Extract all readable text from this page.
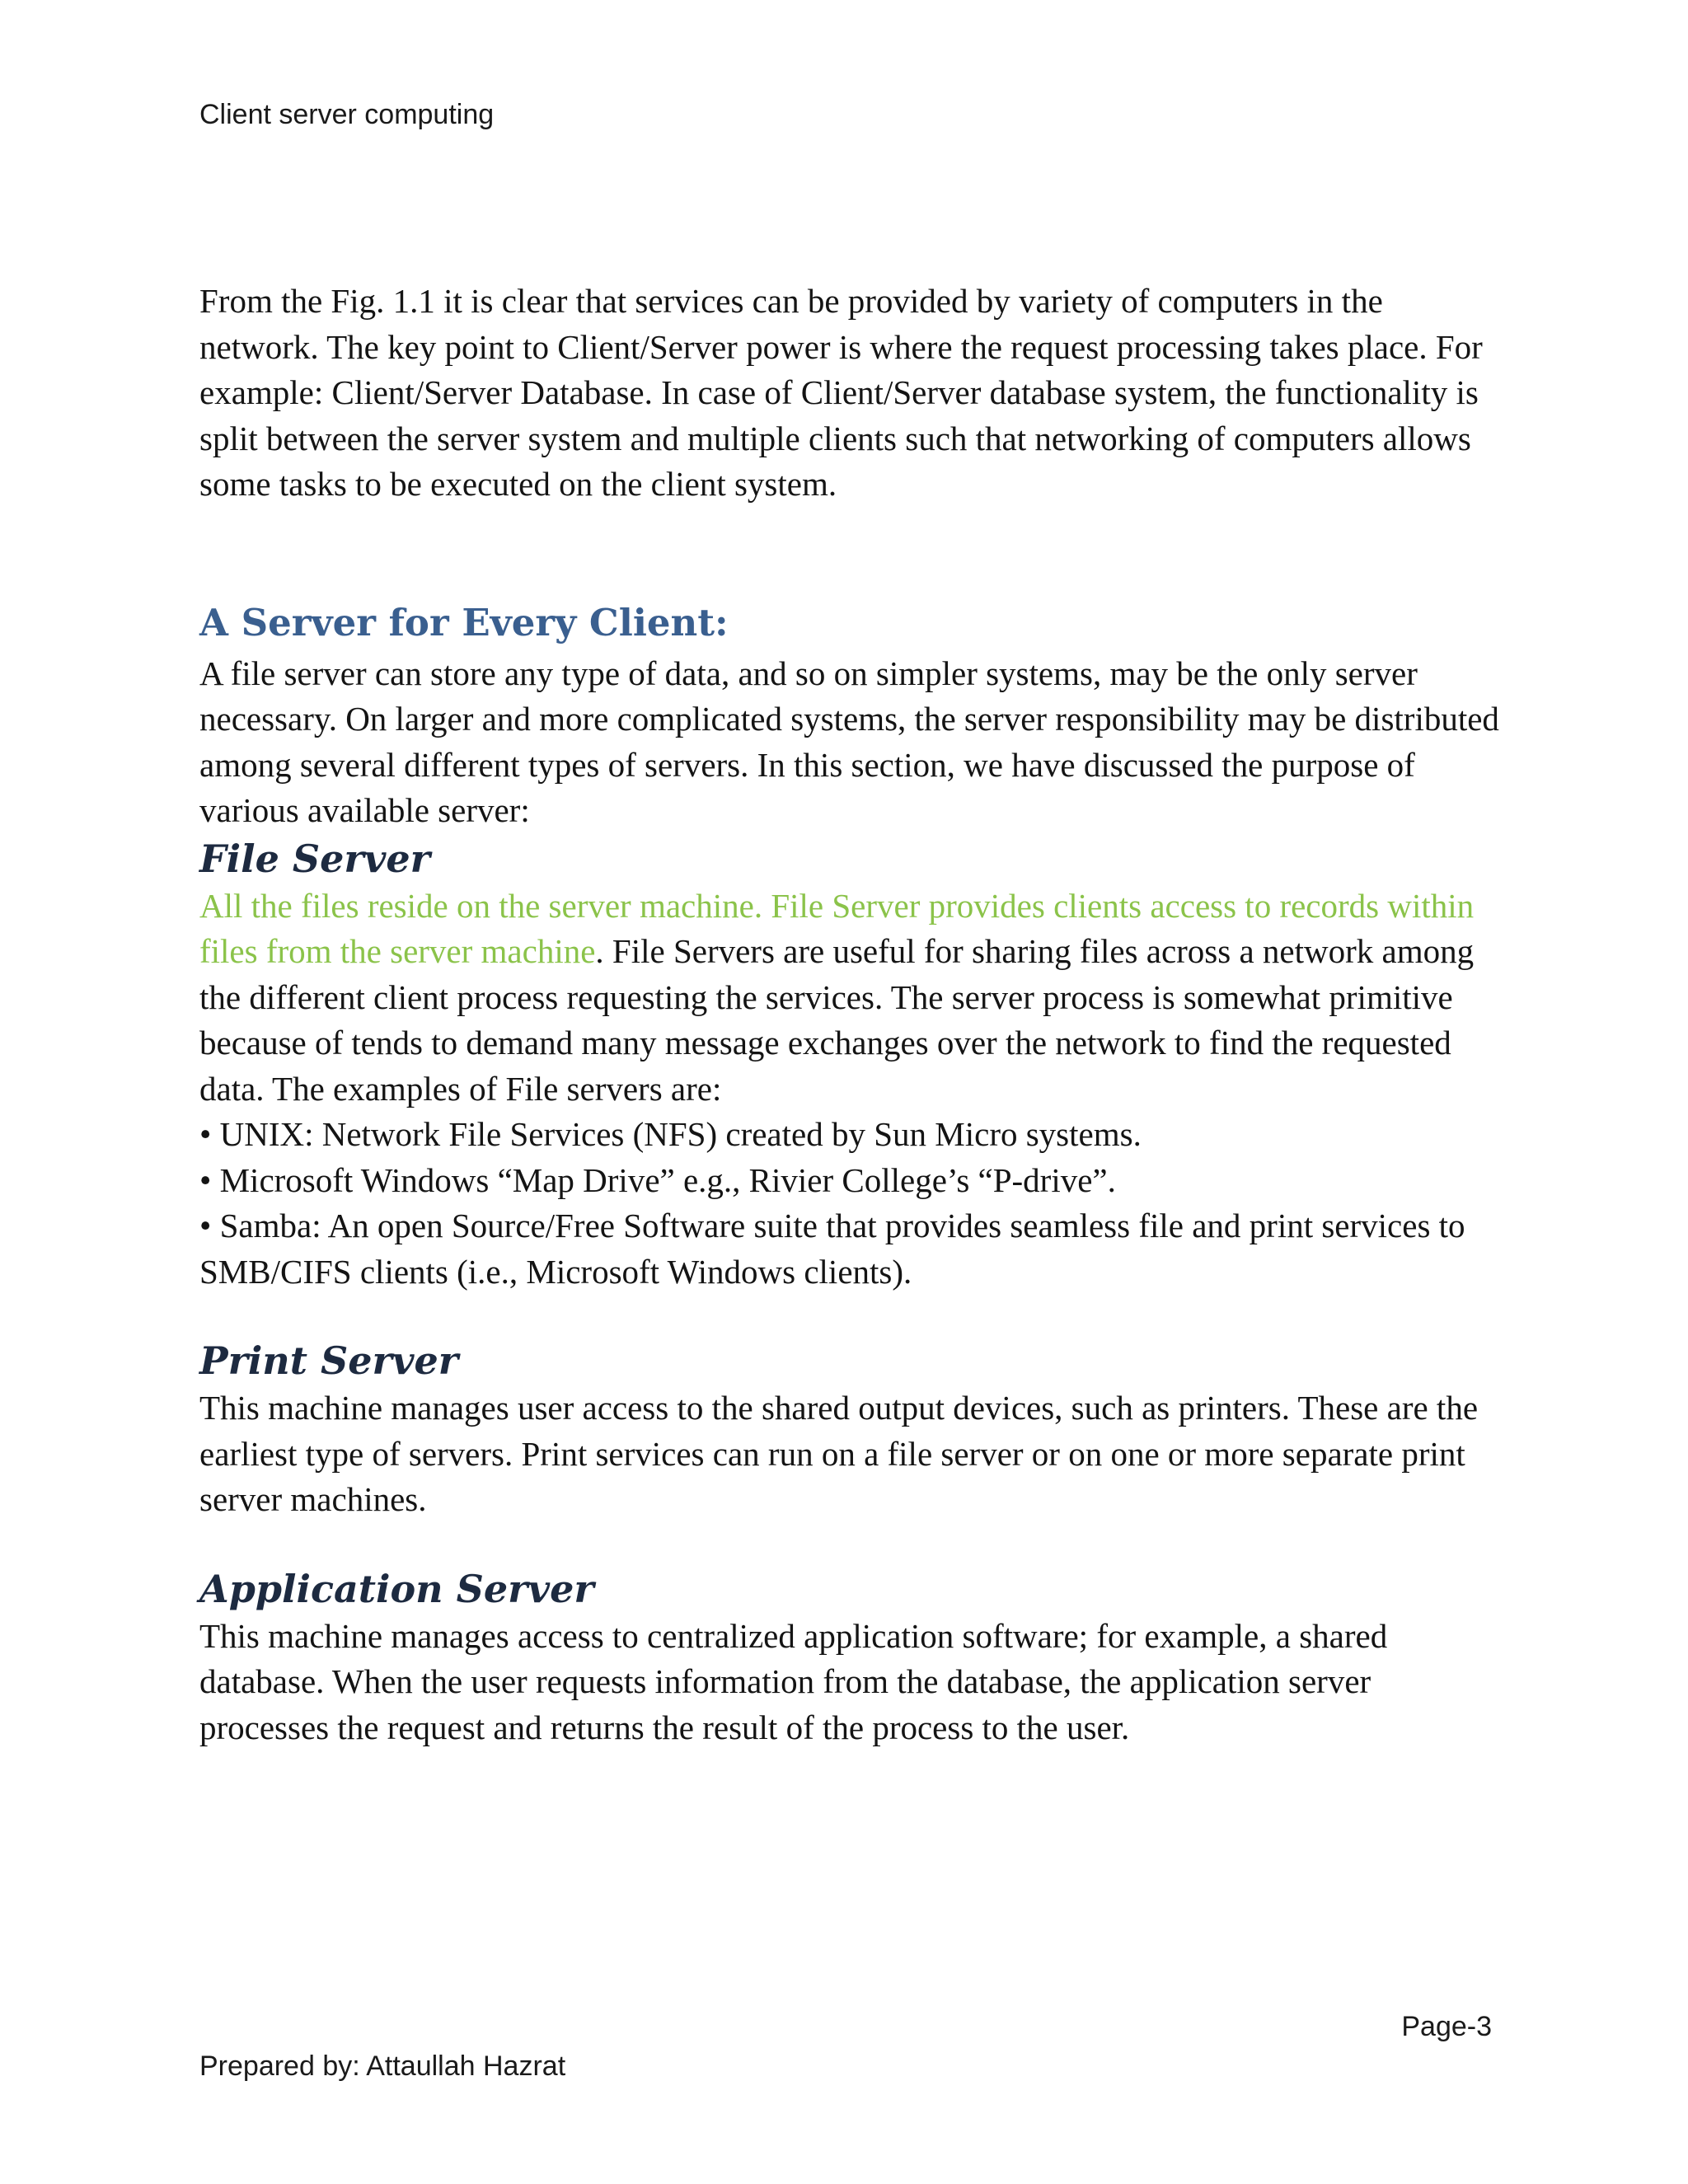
Client server computing

From the Fig. 1.1 it is clear that services can be provided by variety of computers in the network. The key point to Client/Server power is where the request processing takes place. For example: Client/Server Database. In case of Client/Server database system, the functionality is split between the server system and multiple clients such that networking of computers allows some tasks to be executed on the client system.

A Server for Every Client:

A file server can store any type of data, and so on simpler systems, may be the only server necessary. On larger and more complicated systems, the server responsibility may be distributed among several different types of servers. In this section, we have discussed the purpose of various available server:

File Server

All the files reside on the server machine. File Server provides clients access to records within files from the server machine. File Servers are useful for sharing files across a network among the different client process requesting the services. The server process is somewhat primitive because of tends to demand many message exchanges over the network to find the requested data. The examples of File servers are:

• UNIX: Network File Services (NFS) created by Sun Micro systems.
• Microsoft Windows “Map Drive” e.g., Rivier College’s “P-drive”.
• Samba: An open Source/Free Software suite that provides seamless file and print services to SMB/CIFS clients (i.e., Microsoft Windows clients).
Print Server

This machine manages user access to the shared output devices, such as printers. These are the earliest type of servers. Print services can run on a file server or on one or more separate print server machines.

Application Server

This machine manages access to centralized application software; for example, a shared database. When the user requests information from the database, the application server processes the request and returns the result of the process to the user.

Page-3
Prepared by: Attaullah Hazrat
